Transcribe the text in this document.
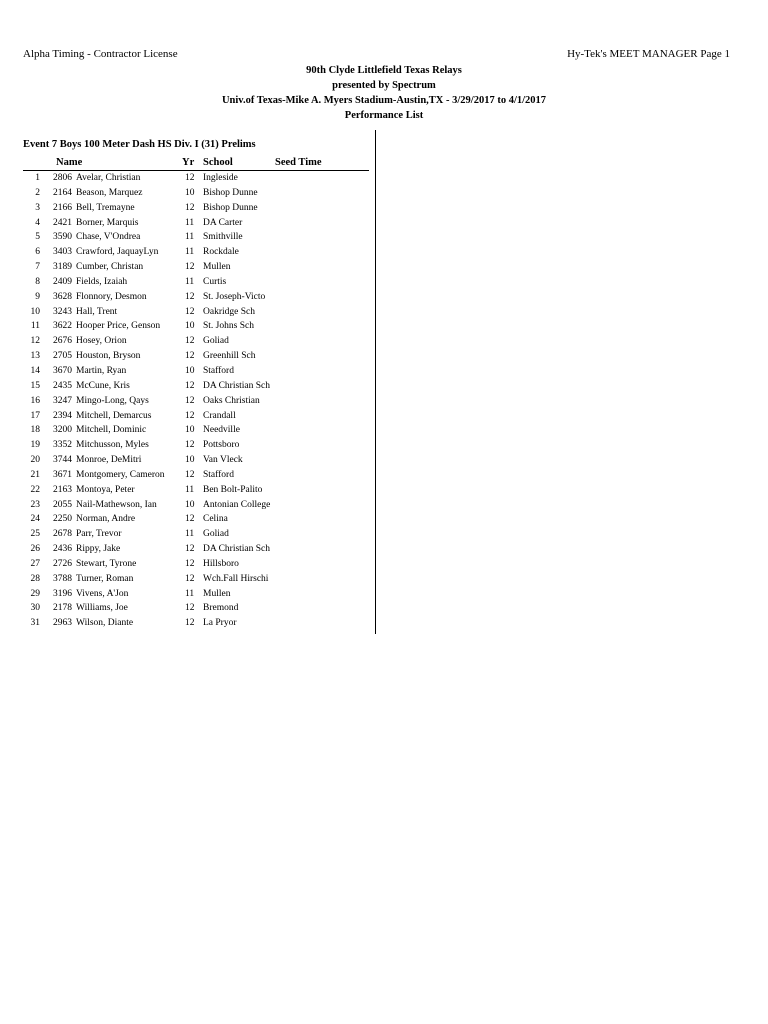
Alpha Timing - Contractor License	Hy-Tek's MEET MANAGER Page 1
90th Clyde Littlefield Texas Relays
presented by Spectrum
Univ.of Texas-Mike A. Myers Stadium-Austin,TX - 3/29/2017 to 4/1/2017
Performance List
Event 7 Boys 100 Meter Dash HS Div. I (31) Prelims
Name	Yr School	Seed Time
1 2806 Avelar, Christian	12 Ingleside
2 2164 Beason, Marquez	10 Bishop Dunne
3 2166 Bell, Tremayne	12 Bishop Dunne
4 2421 Borner, Marquis	11 DA Carter
5 3590 Chase, V'Ondrea	11 Smithville
6 3403 Crawford, JaquayLyn	11 Rockdale
7 3189 Cumber, Christan	12 Mullen
8 2409 Fields, Izaiah	11 Curtis
9 3628 Flonnory, Desmon	12 St. Joseph-Victo
10 3243 Hall, Trent	12 Oakridge Sch
11 3622 Hooper Price, Genson	10 St. Johns Sch
12 2676 Hosey, Orion	12 Goliad
13 2705 Houston, Bryson	12 Greenhill Sch
14 3670 Martin, Ryan	10 Stafford
15 2435 McCune, Kris	12 DA Christian Sch
16 3247 Mingo-Long, Qays	12 Oaks Christian
17 2394 Mitchell, Demarcus	12 Crandall
18 3200 Mitchell, Dominic	10 Needville
19 3352 Mitchusson, Myles	12 Pottsboro
20 3744 Monroe, DeMitri	10 Van Vleck
21 3671 Montgomery, Cameron 12 Stafford
22 2163 Montoya, Peter	11 Ben Bolt-Palito
23 2055 Nail-Mathewson, Ian	10 Antonian College
24 2250 Norman, Andre	12 Celina
25 2678 Parr, Trevor	11 Goliad
26 2436 Rippy, Jake	12 DA Christian Sch
27 2726 Stewart, Tyrone	12 Hillsboro
28 3788 Turner, Roman	12 Wch.Fall Hirschi
29 3196 Vivens, A'Jon	11 Mullen
30 2178 Williams, Joe	12 Bremond
31 2963 Wilson, Diante	12 La Pryor
